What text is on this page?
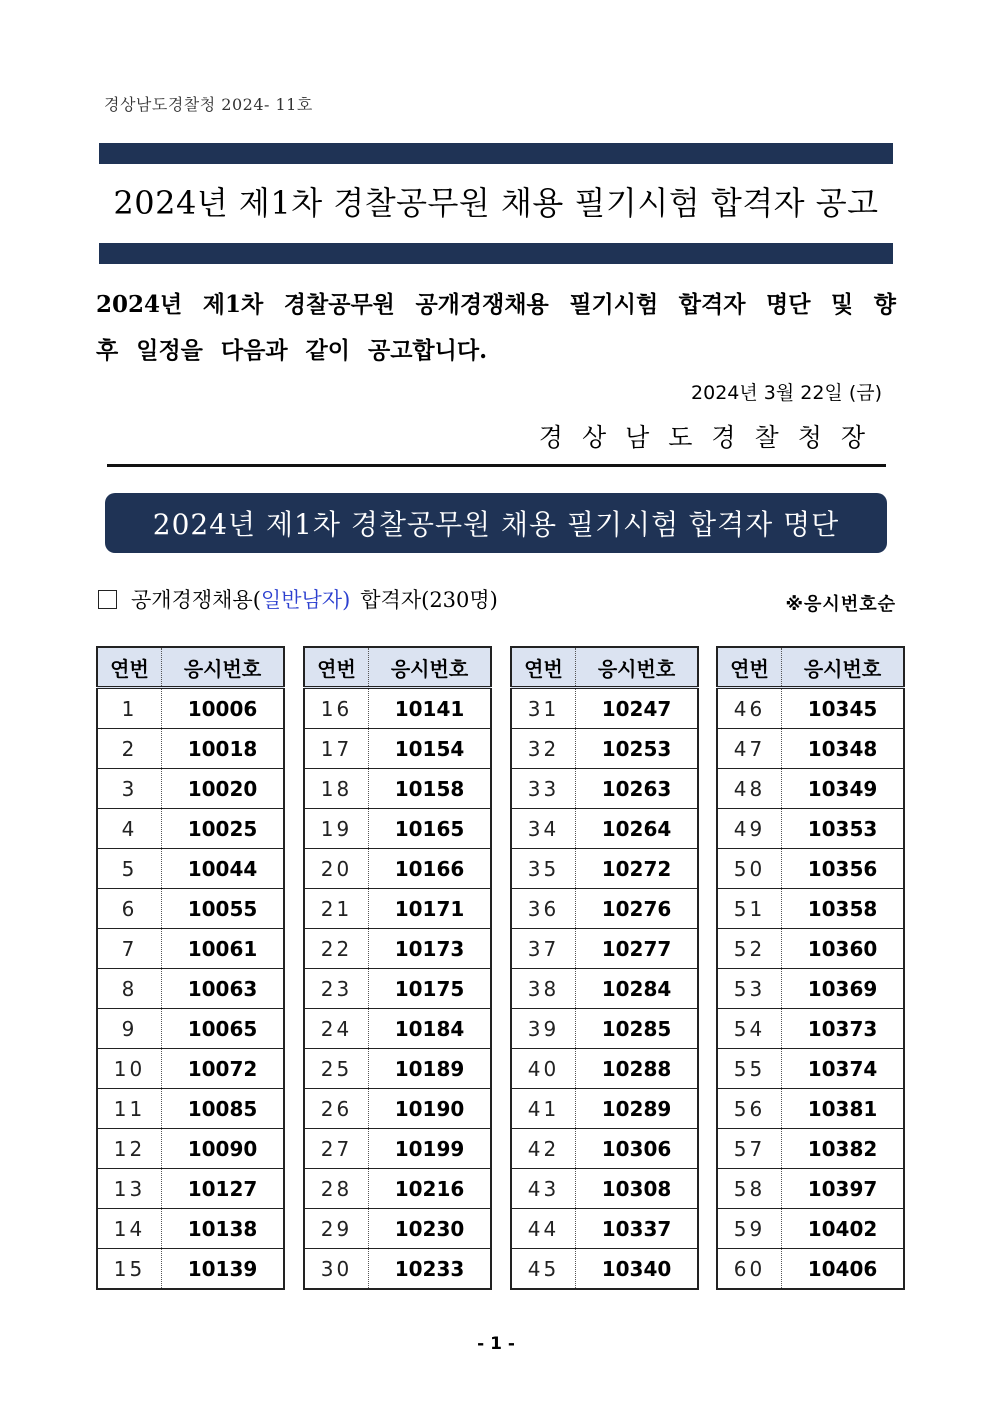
경상남도경찰청 2024- 11호
2024년 제1차 경찰공무원 채용 필기시험 합격자 공고
2024년 제1차 경찰공무원 공개경쟁채용 필기시험 합격자 명단 및 향후 일정을 다음과 같이 공고합니다.
2024년 3월 22일 (금)
경상남도경찰청장
2024년 제1차 경찰공무원 채용 필기시험 합격자 명단
공개경쟁채용(일반남자) 합격자(230명)	※응시번호순
연번	응시번호
1	10006
2	10018
3	10020
4	10025
5	10044
6	10055
7	10061
8	10063
9	10065
10	10072
11	10085
12	10090
13	10127
14	10138
15	10139
연번	응시번호
16	10141
17	10154
18	10158
19	10165
20	10166
21	10171
22	10173
23	10175
24	10184
25	10189
26	10190
27	10199
28	10216
29	10230
30	10233
연번	응시번호
31	10247
32	10253
33	10263
34	10264
35	10272
36	10276
37	10277
38	10284
39	10285
40	10288
41	10289
42	10306
43	10308
44	10337
45	10340
연번	응시번호
46	10345
47	10348
48	10349
49	10353
50	10356
51	10358
52	10360
53	10369
54	10373
55	10374
56	10381
57	10382
58	10397
59	10402
60	10406
- 1 -
